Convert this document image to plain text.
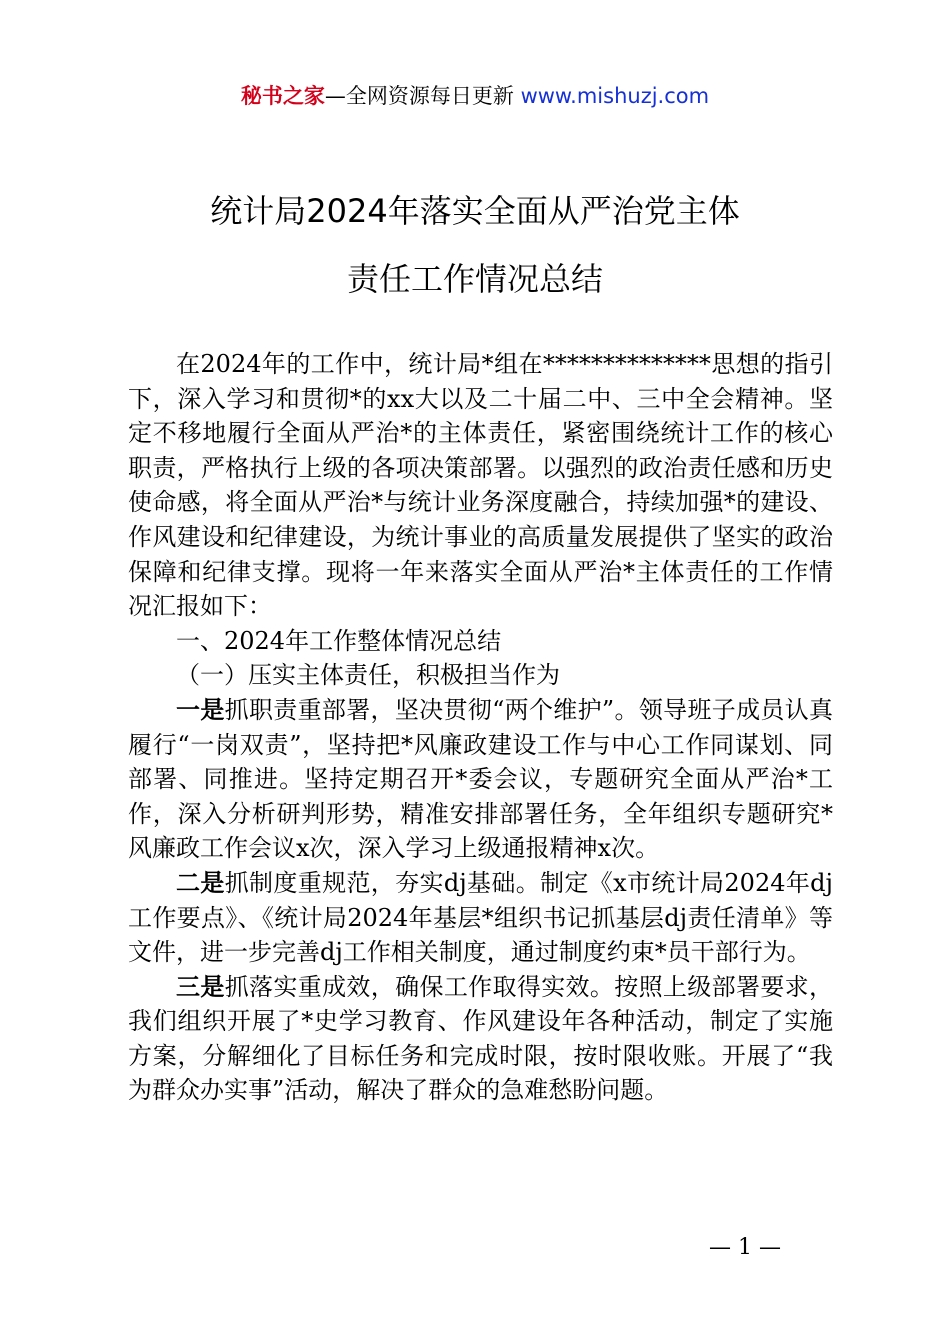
秘书之家—全网资源每日更新 www.mishuzj.com
统计局2024年落实全面从严治党主体
责任工作情况总结

在2024年的工作中，统计局*组在**************思想的指引下，深入学习和贯彻*的xx大以及二十届二中、三中全会精神。坚定不移地履行全面从严治*的主体责任，紧密围绕统计工作的核心职责，严格执行上级的各项决策部署。以强烈的政治责任感和历史使命感，将全面从严治*与统计业务深度融合，持续加强*的建设、作风建设和纪律建设，为统计事业的高质量发展提供了坚实的政治保障和纪律支撑。现将一年来落实全面从严治*主体责任的工作情况汇报如下：

一、2024年工作整体情况总结

（一）压实主体责任，积极担当作为

一是抓职责重部署，坚决贯彻“两个维护”。领导班子成员认真履行“一岗双责”，坚持把*风廉政建设工作与中心工作同谋划、同部署、同推进。坚持定期召开*委会议，专题研究全面从严治*工作，深入分析研判形势，精准安排部署任务，全年组织专题研究*风廉政工作会议x次，深入学习上级通报精神x次。

二是抓制度重规范，夯实dj基础。制定《x市统计局2024年dj工作要点》、《统计局2024年基层*组织书记抓基层dj责任清单》等文件，进一步完善dj工作相关制度，通过制度约束*员干部行为。

三是抓落实重成效，确保工作取得实效。按照上级部署要求，我们组织开展了*史学习教育、作风建设年各种活动，制定了实施方案，分解细化了目标任务和完成时限，按时限收账。开展了“我为群众办实事”活动，解决了群众的急难愁盼问题。

— 1 —
